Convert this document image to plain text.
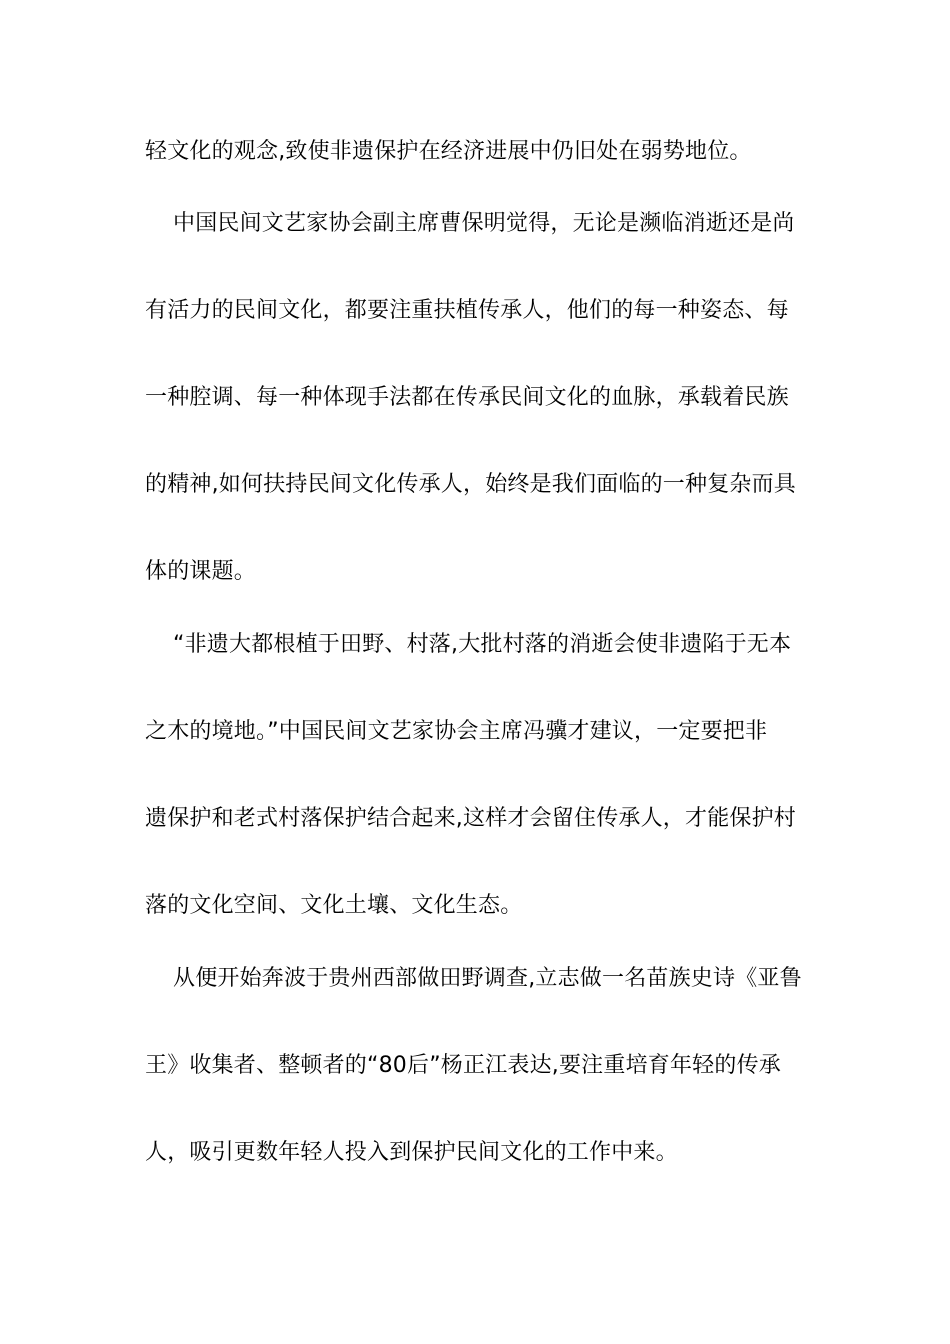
轻文化的观念,致使非遗保护在经济进展中仍旧处在弱势地位。
中国民间文艺家协会副主席曹保明觉得，无论是濒临消逝还是尚
有活力的民间文化，都要注重扶植传承人，他们的每一种姿态、每
一种腔调、每一种体现手法都在传承民间文化的血脉，承载着民族
的精神,如何扶持民间文化传承人，始终是我们面临的一种复杂而具
体的课题。
“非遗大都根植于田野、村落,大批村落的消逝会使非遗陷于无本
之木的境地。”中国民间文艺家协会主席冯骥才建议，一定要把非
遗保护和老式村落保护结合起来,这样才会留住传承人，才能保护村
落的文化空间、文化土壤、文化生态。
从便开始奔波于贵州西部做田野调查,立志做一名苗族史诗《亚鲁
王》收集者、整顿者的“80后”杨正江表达,要注重培育年轻的传承
人，吸引更数年轻人投入到保护民间文化的工作中来。
